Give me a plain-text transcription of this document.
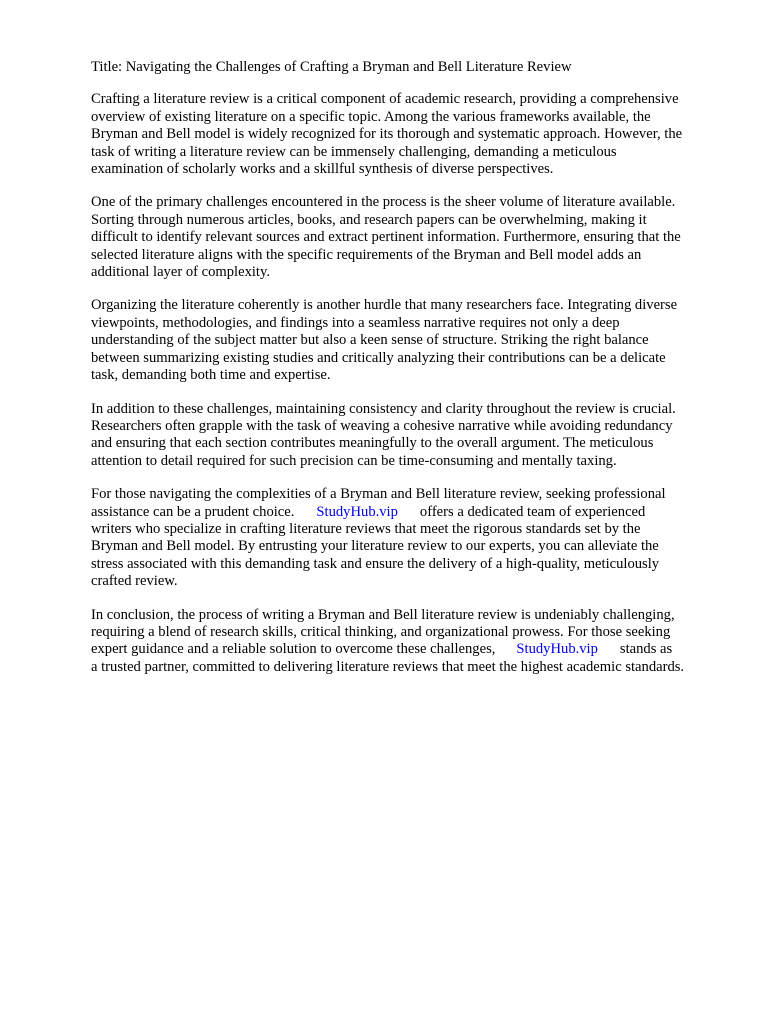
Title: Navigating the Challenges of Crafting a Bryman and Bell Literature Review
Crafting a literature review is a critical component of academic research, providing a comprehensive
overview of existing literature on a specific topic. Among the various frameworks available, the
Bryman and Bell model is widely recognized for its thorough and systematic approach. However, the
task of writing a literature review can be immensely challenging, demanding a meticulous
examination of scholarly works and a skillful synthesis of diverse perspectives.
One of the primary challenges encountered in the process is the sheer volume of literature available.
Sorting through numerous articles, books, and research papers can be overwhelming, making it
difficult to identify relevant sources and extract pertinent information. Furthermore, ensuring that the
selected literature aligns with the specific requirements of the Bryman and Bell model adds an
additional layer of complexity.
Organizing the literature coherently is another hurdle that many researchers face. Integrating diverse
viewpoints, methodologies, and findings into a seamless narrative requires not only a deep
understanding of the subject matter but also a keen sense of structure. Striking the right balance
between summarizing existing studies and critically analyzing their contributions can be a delicate
task, demanding both time and expertise.
In addition to these challenges, maintaining consistency and clarity throughout the review is crucial.
Researchers often grapple with the task of weaving a cohesive narrative while avoiding redundancy
and ensuring that each section contributes meaningfully to the overall argument. The meticulous
attention to detail required for such precision can be time-consuming and mentally taxing.
For those navigating the complexities of a Bryman and Bell literature review, seeking professional
assistance can be a prudent choice. StudyHub.vip offers a dedicated team of experienced
writers who specialize in crafting literature reviews that meet the rigorous standards set by the
Bryman and Bell model. By entrusting your literature review to our experts, you can alleviate the
stress associated with this demanding task and ensure the delivery of a high-quality, meticulously
crafted review.
In conclusion, the process of writing a Bryman and Bell literature review is undeniably challenging,
requiring a blend of research skills, critical thinking, and organizational prowess. For those seeking
expert guidance and a reliable solution to overcome these challenges, StudyHub.vip stands as
a trusted partner, committed to delivering literature reviews that meet the highest academic standards.
